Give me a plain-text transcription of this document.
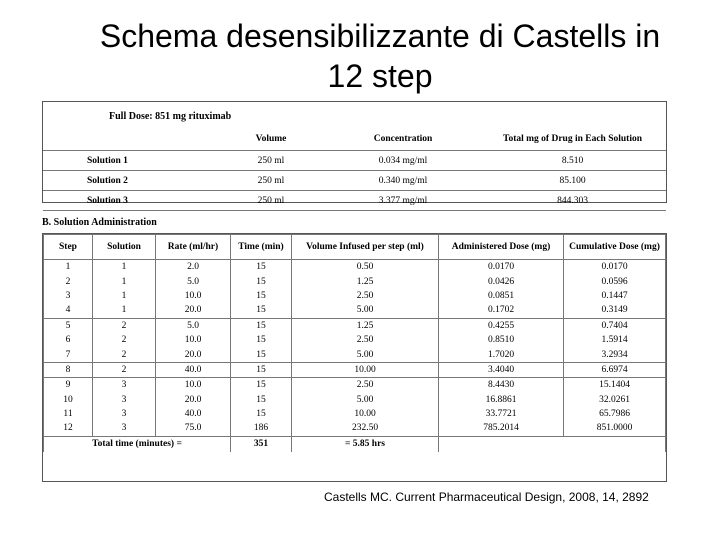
Schema desensibilizzante di Castells in
12 step
Full Dose: 851 mg rituximab
	Volume	Concentration	Total mg of Drug in Each Solution
Solution 1	250 ml	0.034 mg/ml	8.510
Solution 2	250 ml	0.340 mg/ml	85.100
Solution 3	250 ml	3.377 mg/ml	844.303
B. Solution Administration
Step	Solution	Rate (ml/hr)	Time (min)	Volume Infused per step (ml)	Administered Dose (mg)	Cumulative Dose (mg)
1	1	2.0	15	0.50	0.0170	0.0170
2	1	5.0	15	1.25	0.0426	0.0596
3	1	10.0	15	2.50	0.0851	0.1447
4	1	20.0	15	5.00	0.1702	0.3149
5	2	5.0	15	1.25	0.4255	0.7404
6	2	10.0	15	2.50	0.8510	1.5914
7	2	20.0	15	5.00	1.7020	3.2934
8	2	40.0	15	10.00	3.4040	6.6974
9	3	10.0	15	2.50	8.4430	15.1404
10	3	20.0	15	5.00	16.8861	32.0261
11	3	40.0	15	10.00	33.7721	65.7986
12	3	75.0	186	232.50	785.2014	851.0000
Total time (minutes) =			351	= 5.85 hrs		
Castells MC. Current Pharmaceutical Design, 2008, 14, 2892
